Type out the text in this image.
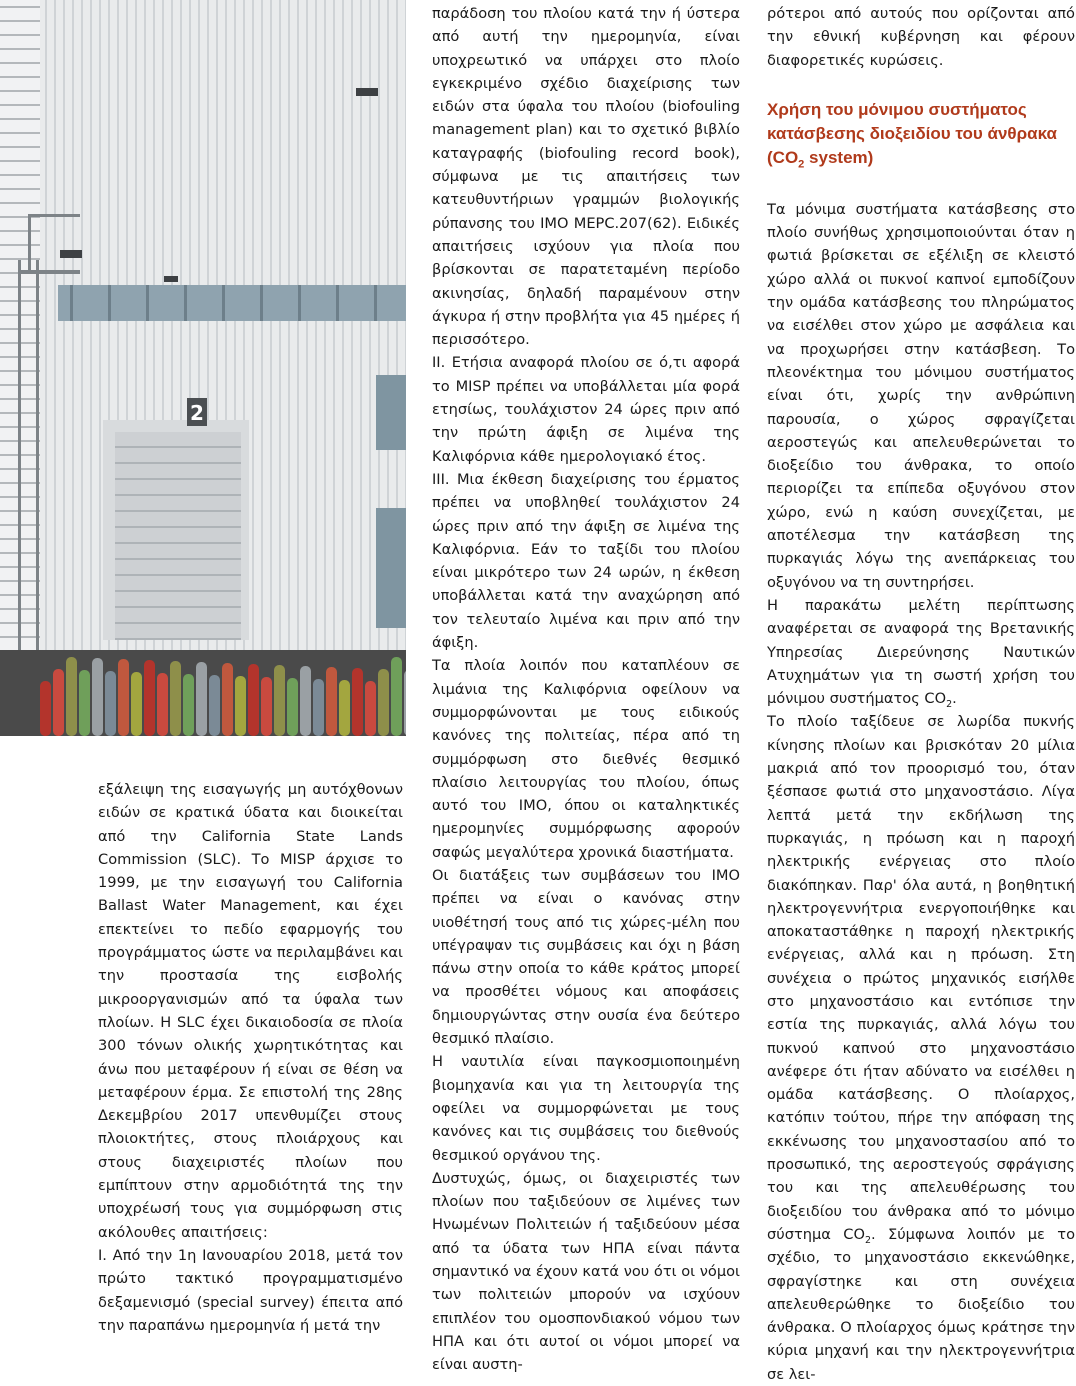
2

εξάλειψη της εισαγωγής μη αυτόχθονων ειδών σε κρατικά ύδατα και διοικείται από την California State Lands Commission (SLC). Το MISP άρχισε το 1999, με την εισαγωγή του California Ballast Water Management, και έχει επεκτείνει το πεδίο εφαρμογής του προγράμματος ώστε να περιλαμβάνει και την προστασία της εισβολής μικροοργανισμών από τα ύφαλα των πλοίων. Η SLC έχει δικαιοδοσία σε πλοία 300 τόνων ολικής χωρητικότητας και άνω που μεταφέρουν ή είναι σε θέση να μεταφέρουν έρμα. Σε επιστολή της 28ης Δεκεμβρίου 2017 υπενθυμίζει στους πλοιοκτήτες, στους πλοιάρχους και στους διαχειριστές πλοίων που εμπίπτουν στην αρμοδιότητά της την υποχρέωσή τους για συμμόρφωση στις ακόλουθες απαιτήσεις:

Ι. Από την 1η Ιανουαρίου 2018, μετά τον πρώτο τακτικό προγραμματισμένο δεξαμενισμό (special survey) έπειτα από την παραπάνω ημερομηνία ή μετά την

παράδοση του πλοίου κατά την ή ύστερα από αυτή την ημερομηνία, είναι υποχρεωτικό να υπάρχει στο πλοίο εγκεκριμένο σχέδιο διαχείρισης των ειδών στα ύφαλα του πλοίου (biofouling management plan) και το σχετικό βιβλίο καταγραφής (biofouling record book), σύμφωνα με τις απαιτήσεις των κατευθυντήριων γραμμών βιολογικής ρύπανσης του IMO MEPC.207(62). Ειδικές απαιτήσεις ισχύουν για πλοία που βρίσκονται σε παρατεταμένη περίοδο ακινησίας, δηλαδή παραμένουν στην άγκυρα ή στην προβλήτα για 45 ημέρες ή περισσότερο.

ΙΙ. Ετήσια αναφορά πλοίου σε ό,τι αφορά το MISP πρέπει να υποβάλλεται μία φορά ετησίως, τουλάχιστον 24 ώρες πριν από την πρώτη άφιξη σε λιμένα της Καλιφόρνια κάθε ημερολογιακό έτος.

ΙΙΙ. Μια έκθεση διαχείρισης του έρματος πρέπει να υποβληθεί τουλάχιστον 24 ώρες πριν από την άφιξη σε λιμένα της Καλιφόρνια. Εάν το ταξίδι του πλοίου είναι μικρότερο των 24 ωρών, η έκθεση υποβάλλεται κατά την αναχώρηση από τον τελευταίο λιμένα και πριν από την άφιξη.

Τα πλοία λοιπόν που καταπλέουν σε λιμάνια της Καλιφόρνια οφείλουν να συμμορφώνονται με τους ειδικούς κανόνες της πολιτείας, πέρα από τη συμμόρφωση στο διεθνές θεσμικό πλαίσιο λειτουργίας του πλοίου, όπως αυτό του IMO, όπου οι καταληκτικές ημερομηνίες συμμόρφωσης αφορούν σαφώς μεγαλύτερα χρονικά διαστήματα.

Οι διατάξεις των συμβάσεων του IMO πρέπει να είναι ο κανόνας στην υιοθέτησή τους από τις χώρες-μέλη που υπέγραψαν τις συμβάσεις και όχι η βάση πάνω στην οποία το κάθε κράτος μπορεί να προσθέτει νόμους και αποφάσεις δημιουργώντας στην ουσία ένα δεύτερο θεσμικό πλαίσιο.

Η ναυτιλία είναι παγκοσμιοποιημένη βιομηχανία και για τη λειτουργία της οφείλει να συμμορφώνεται με τους κανόνες και τις συμβάσεις του διεθνούς θεσμικού οργάνου της.

Δυστυχώς, όμως, οι διαχειριστές των πλοίων που ταξιδεύουν σε λιμένες των Ηνωμένων Πολιτειών ή ταξιδεύουν μέσα από τα ύδατα των ΗΠΑ είναι πάντα σημαντικό να έχουν κατά νου ότι οι νόμοι των πολιτειών μπορούν να ισχύουν επιπλέον του ομοσπονδιακού νόμου των ΗΠΑ και ότι αυτοί οι νόμοι μπορεί να είναι αυστη-

ρότεροι από αυτούς που ορίζονται από την εθνική κυβέρνηση και φέρουν διαφορετικές κυρώσεις.

Χρήση του μόνιμου συστήματος κατάσβεσης διοξειδίου του άνθρακα ($CO_2$ system)

Τα μόνιμα συστήματα κατάσβεσης στο πλοίο συνήθως χρησιμοποιούνται όταν η φωτιά βρίσκεται σε εξέλιξη σε κλειστό χώρο αλλά οι πυκνοί καπνοί εμποδίζουν την ομάδα κατάσβεσης του πληρώματος να εισέλθει στον χώρο με ασφάλεια και να προχωρήσει στην κατάσβεση. Το πλεονέκτημα του μόνιμου συστήματος είναι ότι, χωρίς την ανθρώπινη παρουσία, ο χώρος σφραγίζεται αεροστεγώς και απελευθερώνεται το διοξείδιο του άνθρακα, το οποίο περιορίζει τα επίπεδα οξυγόνου στον χώρο, ενώ η καύση συνεχίζεται, με αποτέλεσμα την κατάσβεση της πυρκαγιάς λόγω της ανεπάρκειας του οξυγόνου να τη συντηρήσει.

Η παρακάτω μελέτη περίπτωσης αναφέρεται σε αναφορά της Βρετανικής Υπηρεσίας Διερεύνησης Ναυτικών Ατυχημάτων για τη σωστή χρήση του μόνιμου συστήματος $CO_2$.

Το πλοίο ταξίδευε σε λωρίδα πυκνής κίνησης πλοίων και βρισκόταν 20 μίλια μακριά από τον προορισμό του, όταν ξέσπασε φωτιά στο μηχανοστάσιο. Λίγα λεπτά μετά την εκδήλωση της πυρκαγιάς, η πρόωση και η παροχή ηλεκτρικής ενέργειας στο πλοίο διακόπηκαν. Παρ' όλα αυτά, η βοηθητική ηλεκτρογεννήτρια ενεργοποιήθηκε και αποκαταστάθηκε η παροχή ηλεκτρικής ενέργειας, αλλά και η πρόωση. Στη συνέχεια ο πρώτος μηχανικός εισήλθε στο μηχανοστάσιο και εντόπισε την εστία της πυρκαγιάς, αλλά λόγω του πυκνού καπνού στο μηχανοστάσιο ανέφερε ότι ήταν αδύνατο να εισέλθει η ομάδα κατάσβεσης. Ο πλοίαρχος, κατόπιν τούτου, πήρε την απόφαση της εκκένωσης του μηχανοστασίου από το προσωπικό, της αεροστεγούς σφράγισης του και της απελευθέρωσης του διοξειδίου του άνθρακα από το μόνιμο σύστημα $CO_2$. Σύμφωνα λοιπόν με το σχέδιο, το μηχανοστάσιο εκκενώθηκε, σφραγίστηκε και στη συνέχεια απελευθερώθηκε το διοξείδιο του άνθρακα. Ο πλοίαρχος όμως κράτησε την κύρια μηχανή και την ηλεκτρογεννήτρια σε λει-
